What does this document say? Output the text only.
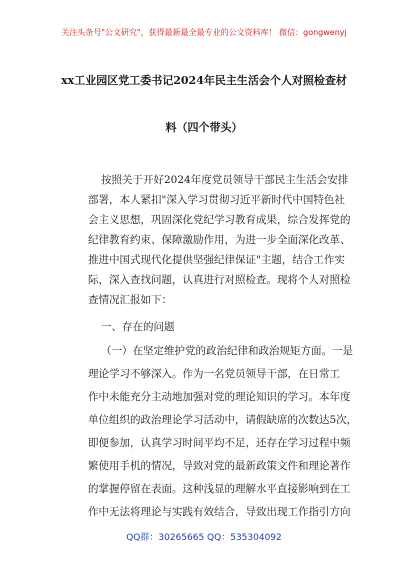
关注头条号"公文研究"，获得最新最全最专业的公文资料库！ 微信：gongwenyj
xx工业园区党工委书记2024年民主生活会个人对照检查材
料（四个带头）
按照关于开好2024年度党员领导干部民主生活会安排
部署，本人紧扣"深入学习贯彻习近平新时代中国特色社
会主义思想，巩固深化党纪学习教育成果，综合发挥党的
纪律教育约束、保障激励作用，为进一步全面深化改革、
推进中国式现代化提供坚强纪律保证"主题，结合工作实
际，深入查找问题，认真进行对照检查。现将个人对照检
查情况汇报如下：
一、存在的问题
（一）在坚定维护党的政治纪律和政治规矩方面。一是
理论学习不够深入。作为一名党员领导干部，在日常工
作中未能充分主动地加强对党的理论知识的学习。本年度
单位组织的政治理论学习活动中，请假缺席的次数达5次，
即便参加，认真学习时间平均不足，还存在学习过程中频
繁使用手机的情况，导致对党的最新政策文件和理论著作
的掌握停留在表面。这种浅显的理解水平直接影响到在工
作中无法将理论与实践有效结合，导致出现工作指引方向
QQ群：30265665 QQ：535304092
